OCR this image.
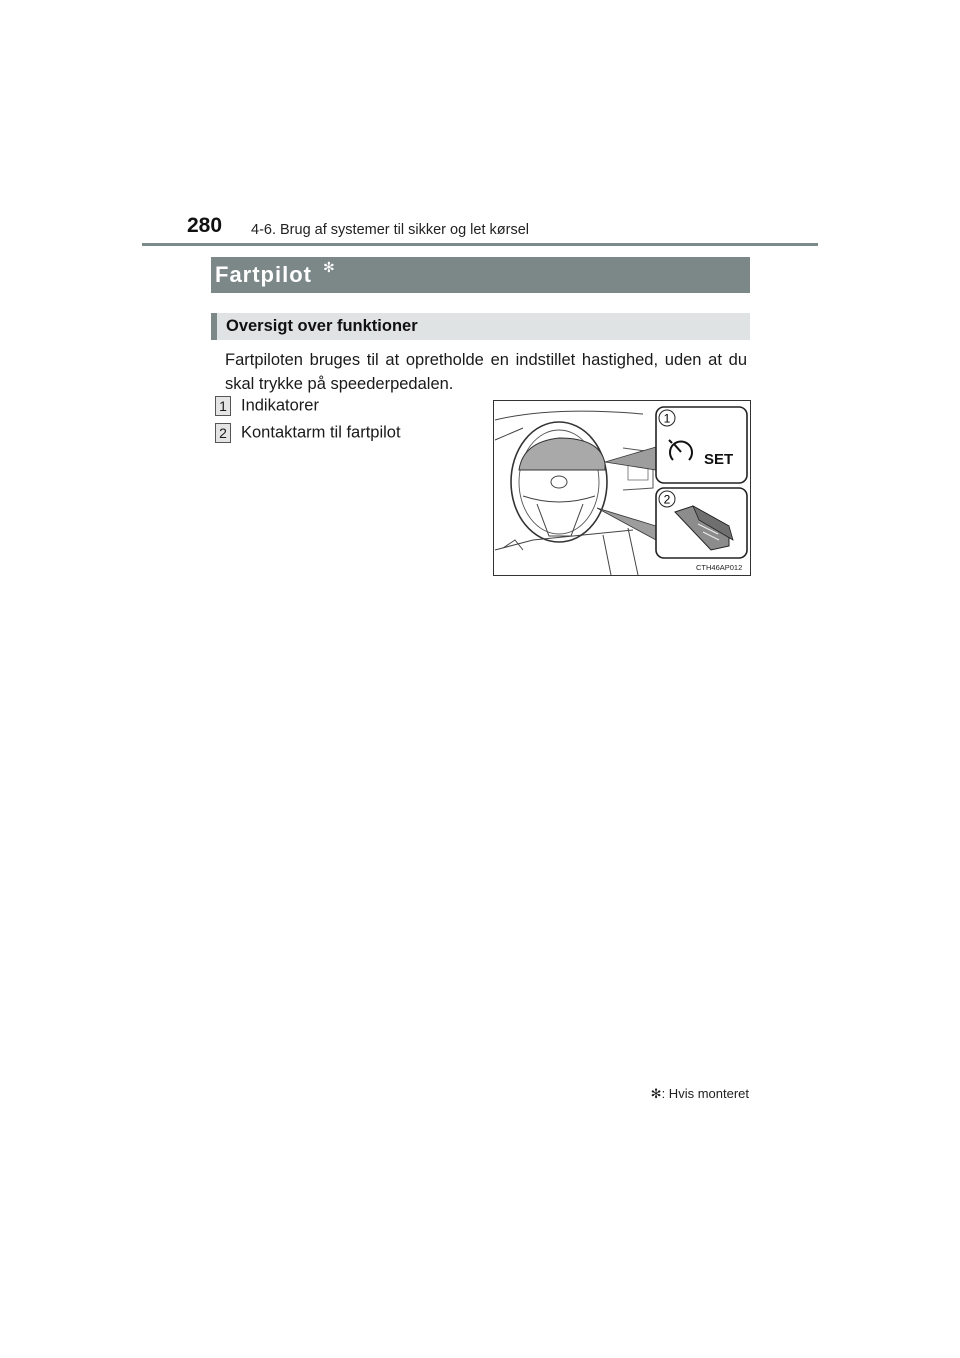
280 4-6. Brug af systemer til sikker og let kørsel
Fartpilot ✻
Oversigt over funktioner
Fartpiloten bruges til at opretholde en indstillet hastighed, uden at du skal trykke på speederpedalen.
1 Indikatorer
2 Kontaktarm til fartpilot
1
SET
2
CTH46AP012
✻: Hvis monteret
